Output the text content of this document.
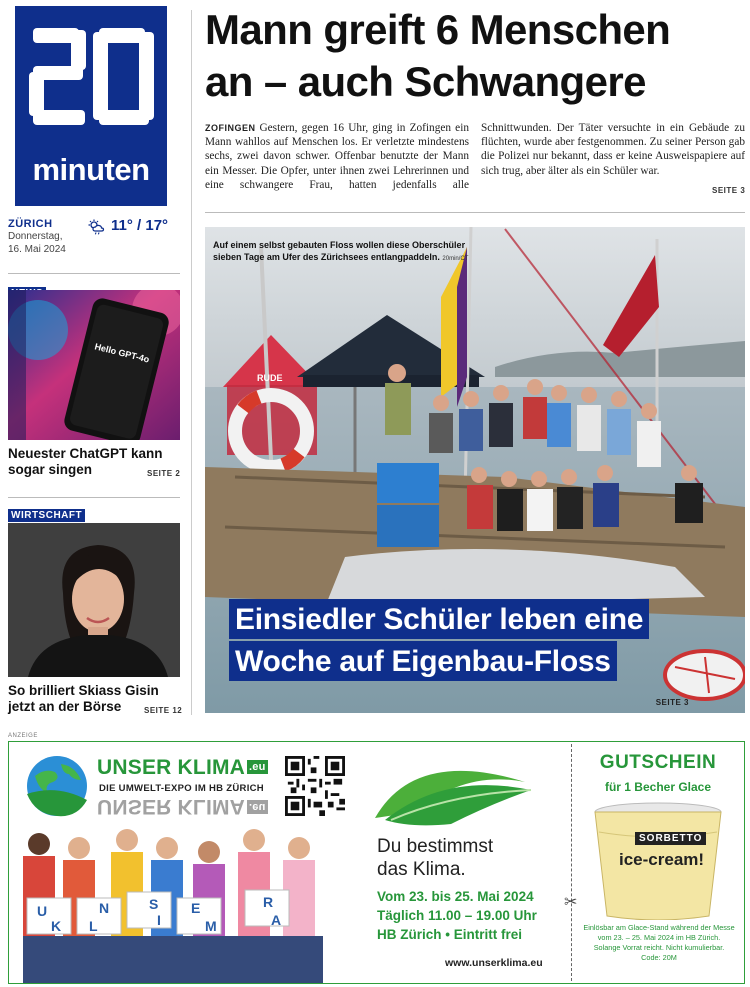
minuten
ZÜRICH
Donnerstag,
16. Mai 2024
11° / 17°
Hello GPT-4o
Neuester ChatGPT kann sogar singen	SEITE 2
WIRTSCHAFT
So brilliert Skiass Gisin jetzt an der Börse	SEITE 12
Mann greift 6 Menschen
an – auch Schwangere
ZOFINGEN Gestern, gegen 16 Uhr, ging in Zofingen ein Mann wahllos auf Menschen los. Er verletzte mindestens sechs, zwei davon schwer. Offenbar benutzte der Mann ein Messer. Die Opfer, unter ihnen zwei Lehrerinnen und eine schwangere Frau, hatten jedenfalls alle Schnittwunden. Der Täter versuchte in ein Gebäude zu flüchten, wurde aber festgenommen. Zu seiner Person gab die Polizei nur bekannt, dass er keine Ausweispapiere auf sich trug, aber älter als ein Schüler war.
SEITE 3
RUDE
Auf einem selbst gebauten Floss wollen diese Oberschüler
sieben Tage am Ufer des Zürichsees entlangpaddeln. 20min/CT
Einsiedler Schüler leben eine
Woche auf Eigenbau-Floss
SEITE 3
ANZEIGE
UNSER KLIMA .eu
DIE UMWELT-EXPO IM HB ZÜRICH
UNSER KLIMA .eu
Du bestimmst
das Klima.
Vom 23. bis 25. Mai 2024
Täglich 11.00 – 19.00 Uhr
HB Zürich • Eintritt frei
www.unserklima.eu
U	N	S E	R
K L	I	M	A
✂
GUTSCHEIN
für 1 Becher Glace
SORBETTO
ice-cream!
Einlösbar am Glace-Stand während der Messe
vom 23. – 25. Mai 2024 im HB Zürich.
Solange Vorrat reicht. Nicht kumulierbar.
Code: 20M
